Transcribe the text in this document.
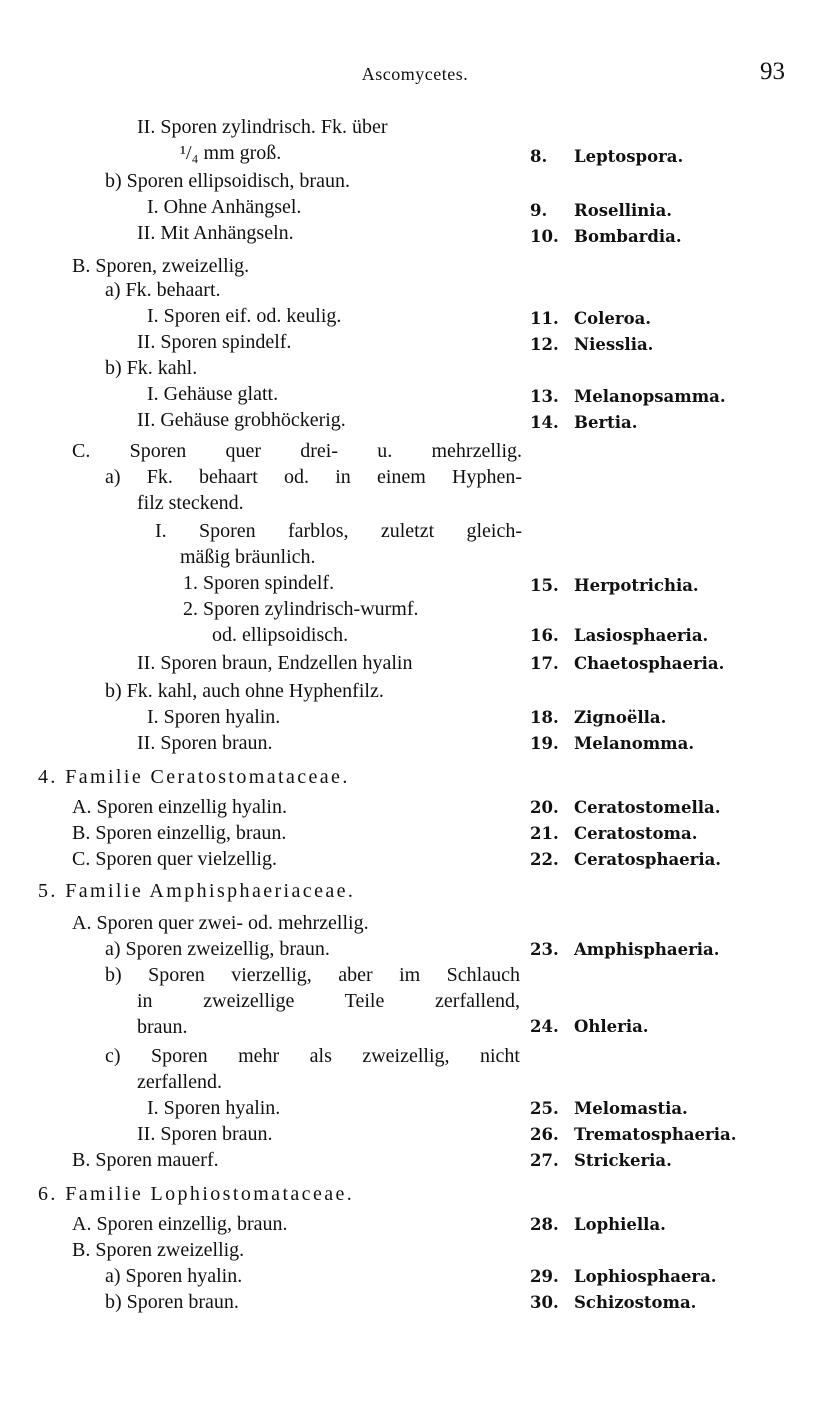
Ascomycetes.	93
II. Sporen zylindrisch. Fk. über
¹/₄ mm groß.
b) Sporen ellipsoidisch, braun.
I. Ohne Anhängsel.
II. Mit Anhängseln.
B. Sporen, zweizellig.
a) Fk. behaart.
I. Sporen eif. od. keulig.
II. Sporen spindelf.
b) Fk. kahl.
I. Gehäuse glatt.
II. Gehäuse grobhöckerig.
C. Sporen quer drei- u. mehrzellig.
a) Fk. behaart od. in einem Hyphen-
filz steckend.
I. Sporen farblos, zuletzt gleich-
mäßig bräunlich.
1. Sporen spindelf.
2. Sporen zylindrisch-wurmf.
od. ellipsoidisch.
II. Sporen braun, Endzellen hyalin
b) Fk. kahl, auch ohne Hyphenfilz.
I. Sporen hyalin.
II. Sporen braun.
4. Familie Ceratostomataceae.
A. Sporen einzellig hyalin.
B. Sporen einzellig, braun.
C. Sporen quer vielzellig.
5. Familie Amphisphaeriaceae.
A. Sporen quer zwei- od. mehrzellig.
a) Sporen zweizellig, braun.
b) Sporen vierzellig, aber im Schlauch
in zweizellige Teile zerfallend,
braun.
c) Sporen mehr als zweizellig, nicht
zerfallend.
I. Sporen hyalin.
II. Sporen braun.
B. Sporen mauerf.
6. Familie Lophiostomataceae.
A. Sporen einzellig, braun.
B. Sporen zweizellig.
a) Sporen hyalin.
b) Sporen braun.
8. Leptospora.
9. Rosellinia.
10. Bombardia.
11. Coleroa.
12. Niesslia.
13. Melanopsamma.
14. Bertia.
15. Herpotrichia.
16. Lasiosphaeria.
17. Chaetosphaeria.
18. Zignoëlla.
19. Melanomma.
20. Ceratostomella.
21. Ceratostoma.
22. Ceratosphaeria.
23. Amphisphaeria.
24. Ohleria.
25. Melomastia.
26. Trematosphaeria.
27. Strickeria.
28. Lophiella.
29. Lophiosphaera.
30. Schizostoma.
